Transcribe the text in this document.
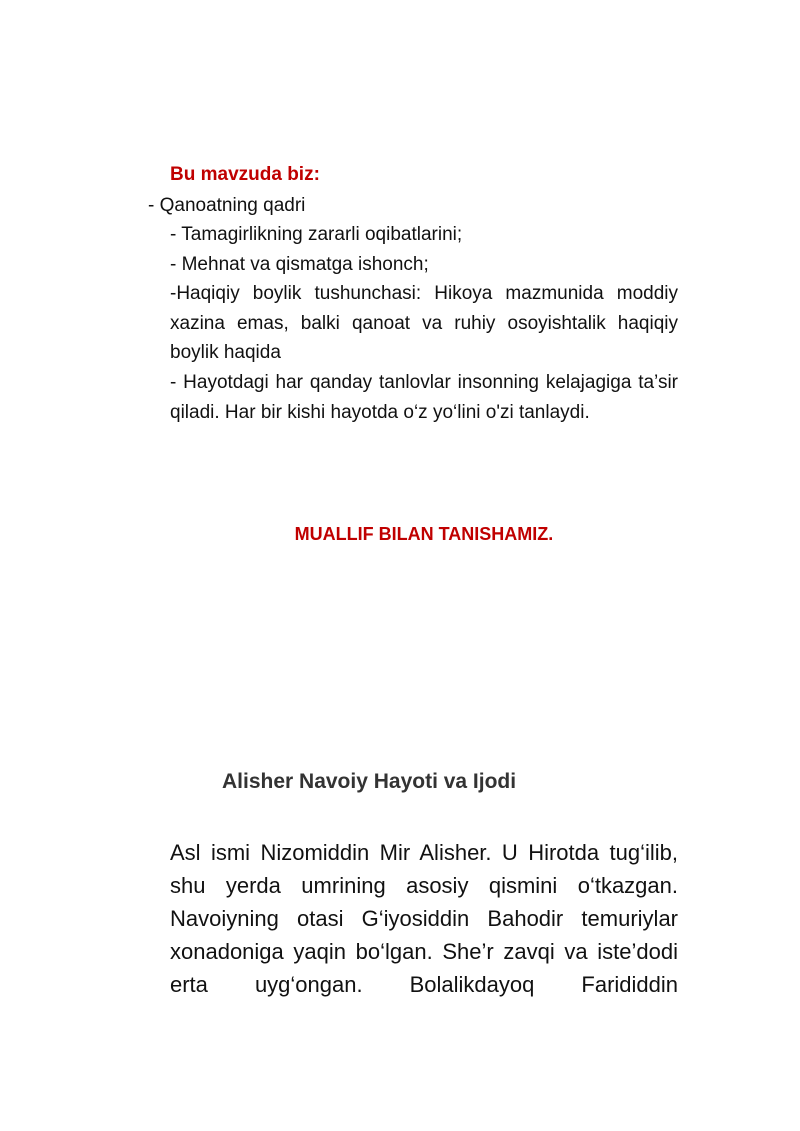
Bu mavzuda biz:
- Qanoatning qadri
- Tamagirlikning zararli oqibatlarini;
- Mehnat va qismatga ishonch;
-Haqiqiy boylik tushunchasi: Hikoya mazmunida moddiy xazina emas, balki qanoat va ruhiy osoyishtalik haqiqiy boylik haqida
- Hayotdagi har qanday tanlovlar insonning kelajagiga ta’sir qiladi. Har bir kishi hayotda o‘z yo‘lini o'zi tanlaydi.
MUALLIF BILAN TANISHAMIZ.
Alisher Navoiy Hayoti va Ijodi
Asl ismi Nizomiddin Mir Alisher. U Hirotda tug‘ilib, shu yerda umrining asosiy qismini o‘tkazgan. Navoiyning otasi G‘iyosiddin Bahodir temuriylar xonadoniga yaqin bo‘lgan. She’r zavqi va iste’dodi erta uyg‘ongan. Bolalikdayoq Farididdin
